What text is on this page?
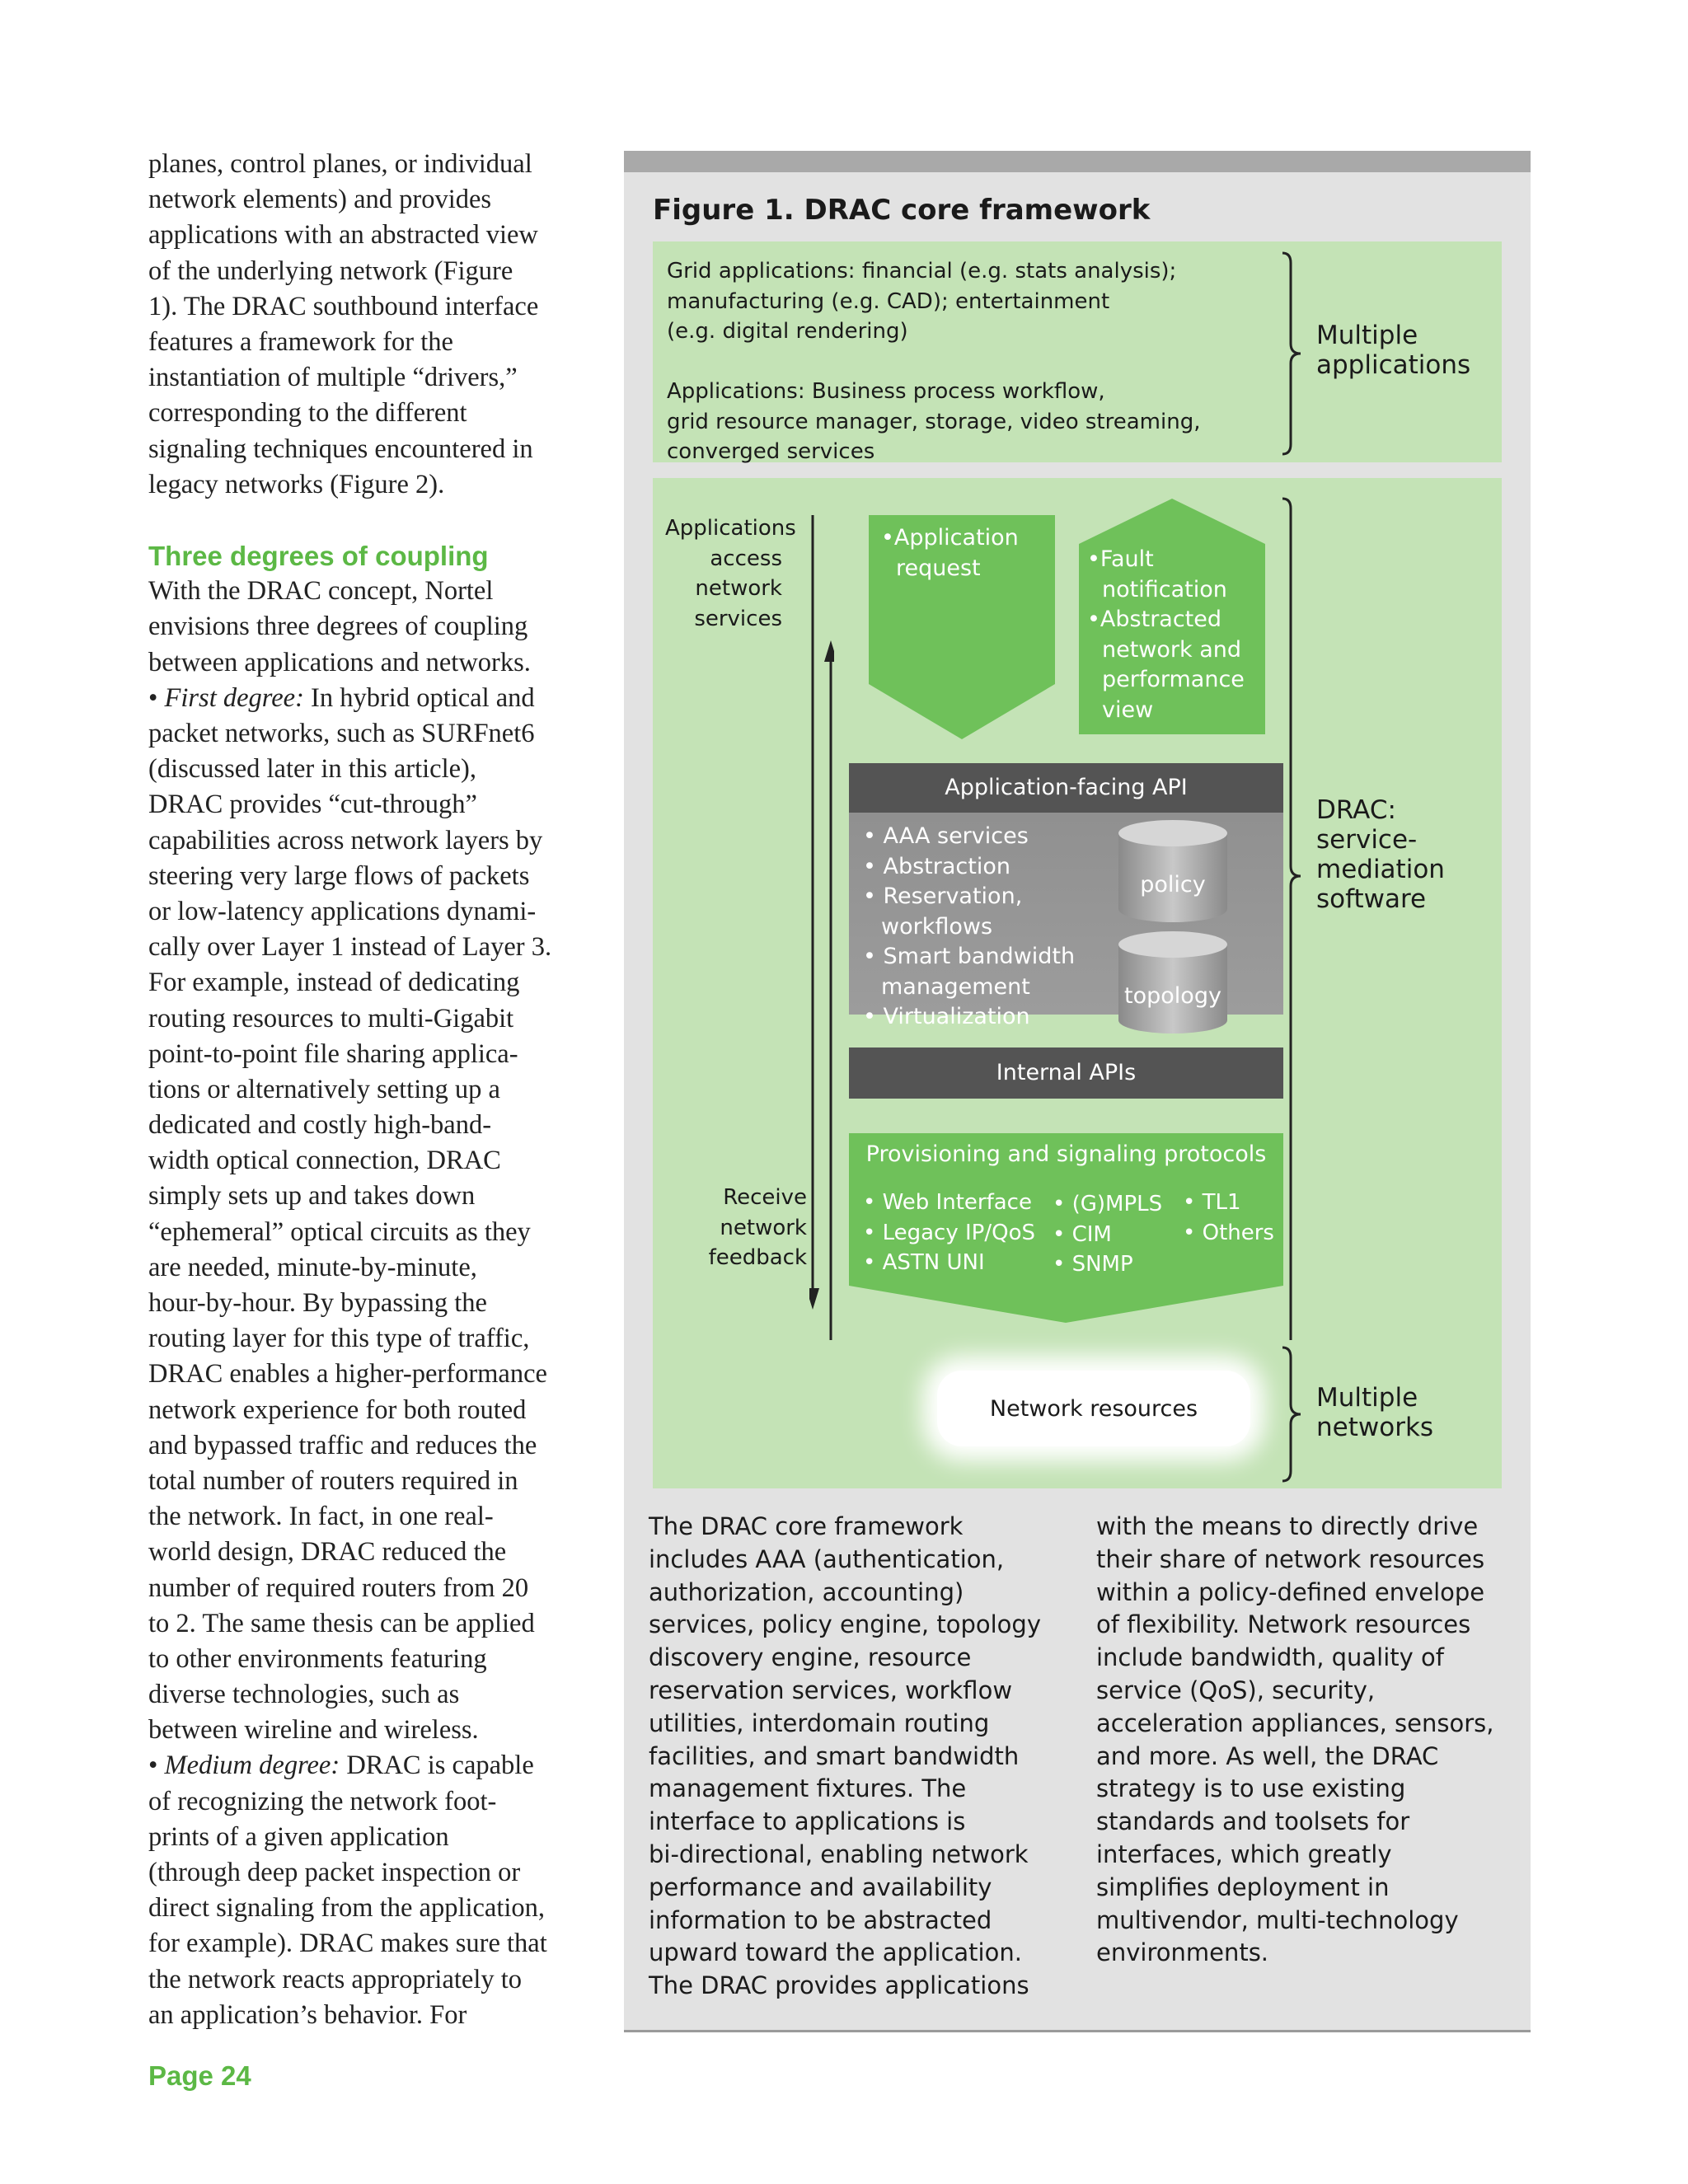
planes, control planes, or individual
network elements) and provides
applications with an abstracted view
of the underlying network (Figure
1). The DRAC southbound interface
features a framework for the
instantiation of multiple “drivers,”
corresponding to the different
signaling techniques encountered in
legacy networks (Figure 2).
Three degrees of coupling
With the DRAC concept, Nortel
envisions three degrees of coupling
between applications and networks.
• First degree: In hybrid optical and
packet networks, such as SURFnet6
(discussed later in this article),
DRAC provides “cut-through”
capabilities across network layers by
steering very large flows of packets
or low-latency applications dynami-
cally over Layer 1 instead of Layer 3.
For example, instead of dedicating
routing resources to multi-Gigabit
point-to-point file sharing applica-
tions or alternatively setting up a
dedicated and costly high-band-
width optical connection, DRAC
simply sets up and takes down
“ephemeral” optical circuits as they
are needed, minute-by-minute,
hour-by-hour. By bypassing the
routing layer for this type of traffic,
DRAC enables a higher-performance
network experience for both routed
and bypassed traffic and reduces the
total number of routers required in
the network. In fact, in one real-
world design, DRAC reduced the
number of required routers from 20
to 2. The same thesis can be applied
to other environments featuring
diverse technologies, such as
between wireline and wireless.
• Medium degree: DRAC is capable
of recognizing the network foot-
prints of a given application
(through deep packet inspection or
direct signaling from the application,
for example). DRAC makes sure that
the network reacts appropriately to
an application’s behavior. For
Page 24
Figure 1. DRAC core framework
Grid applications: financial (e.g. stats analysis);
manufacturing (e.g. CAD); entertainment
(e.g. digital rendering)

Applications: Business process workflow,
grid resource manager, storage, video streaming,
converged services
Multiple
applications
Applications
access
network
services
Receive
network
feedback
•Application
request	•Fault
notification
•Abstracted
network and
performance
view
Application-facing API
• AAA services
• Abstraction
• Reservation,
workflows
• Smart bandwidth
management
• Virtualization
policy
topology
Internal APIs
Provisioning and signaling protocols
• Web Interface
• Legacy IP/QoS
• ASTN UNI
• (G)MPLS
• CIM
• SNMP
• TL1
• Others
DRAC:
service-
mediation
software
Network resources	Multiple
networks
The DRAC core framework
includes AAA (authentication,
authorization, accounting)
services, policy engine, topology
discovery engine, resource
reservation services, workflow
utilities, interdomain routing
facilities, and smart bandwidth
management fixtures. The
interface to applications is
bi-directional, enabling network
performance and availability
information to be abstracted
upward toward the application.
The DRAC provides applications
with the means to directly drive
their share of network resources
within a policy-defined envelope
of flexibility. Network resources
include bandwidth, quality of
service (QoS), security,
acceleration appliances, sensors,
and more. As well, the DRAC
strategy is to use existing
standards and toolsets for
interfaces, which greatly
simplifies deployment in
multivendor, multi-technology
environments.
